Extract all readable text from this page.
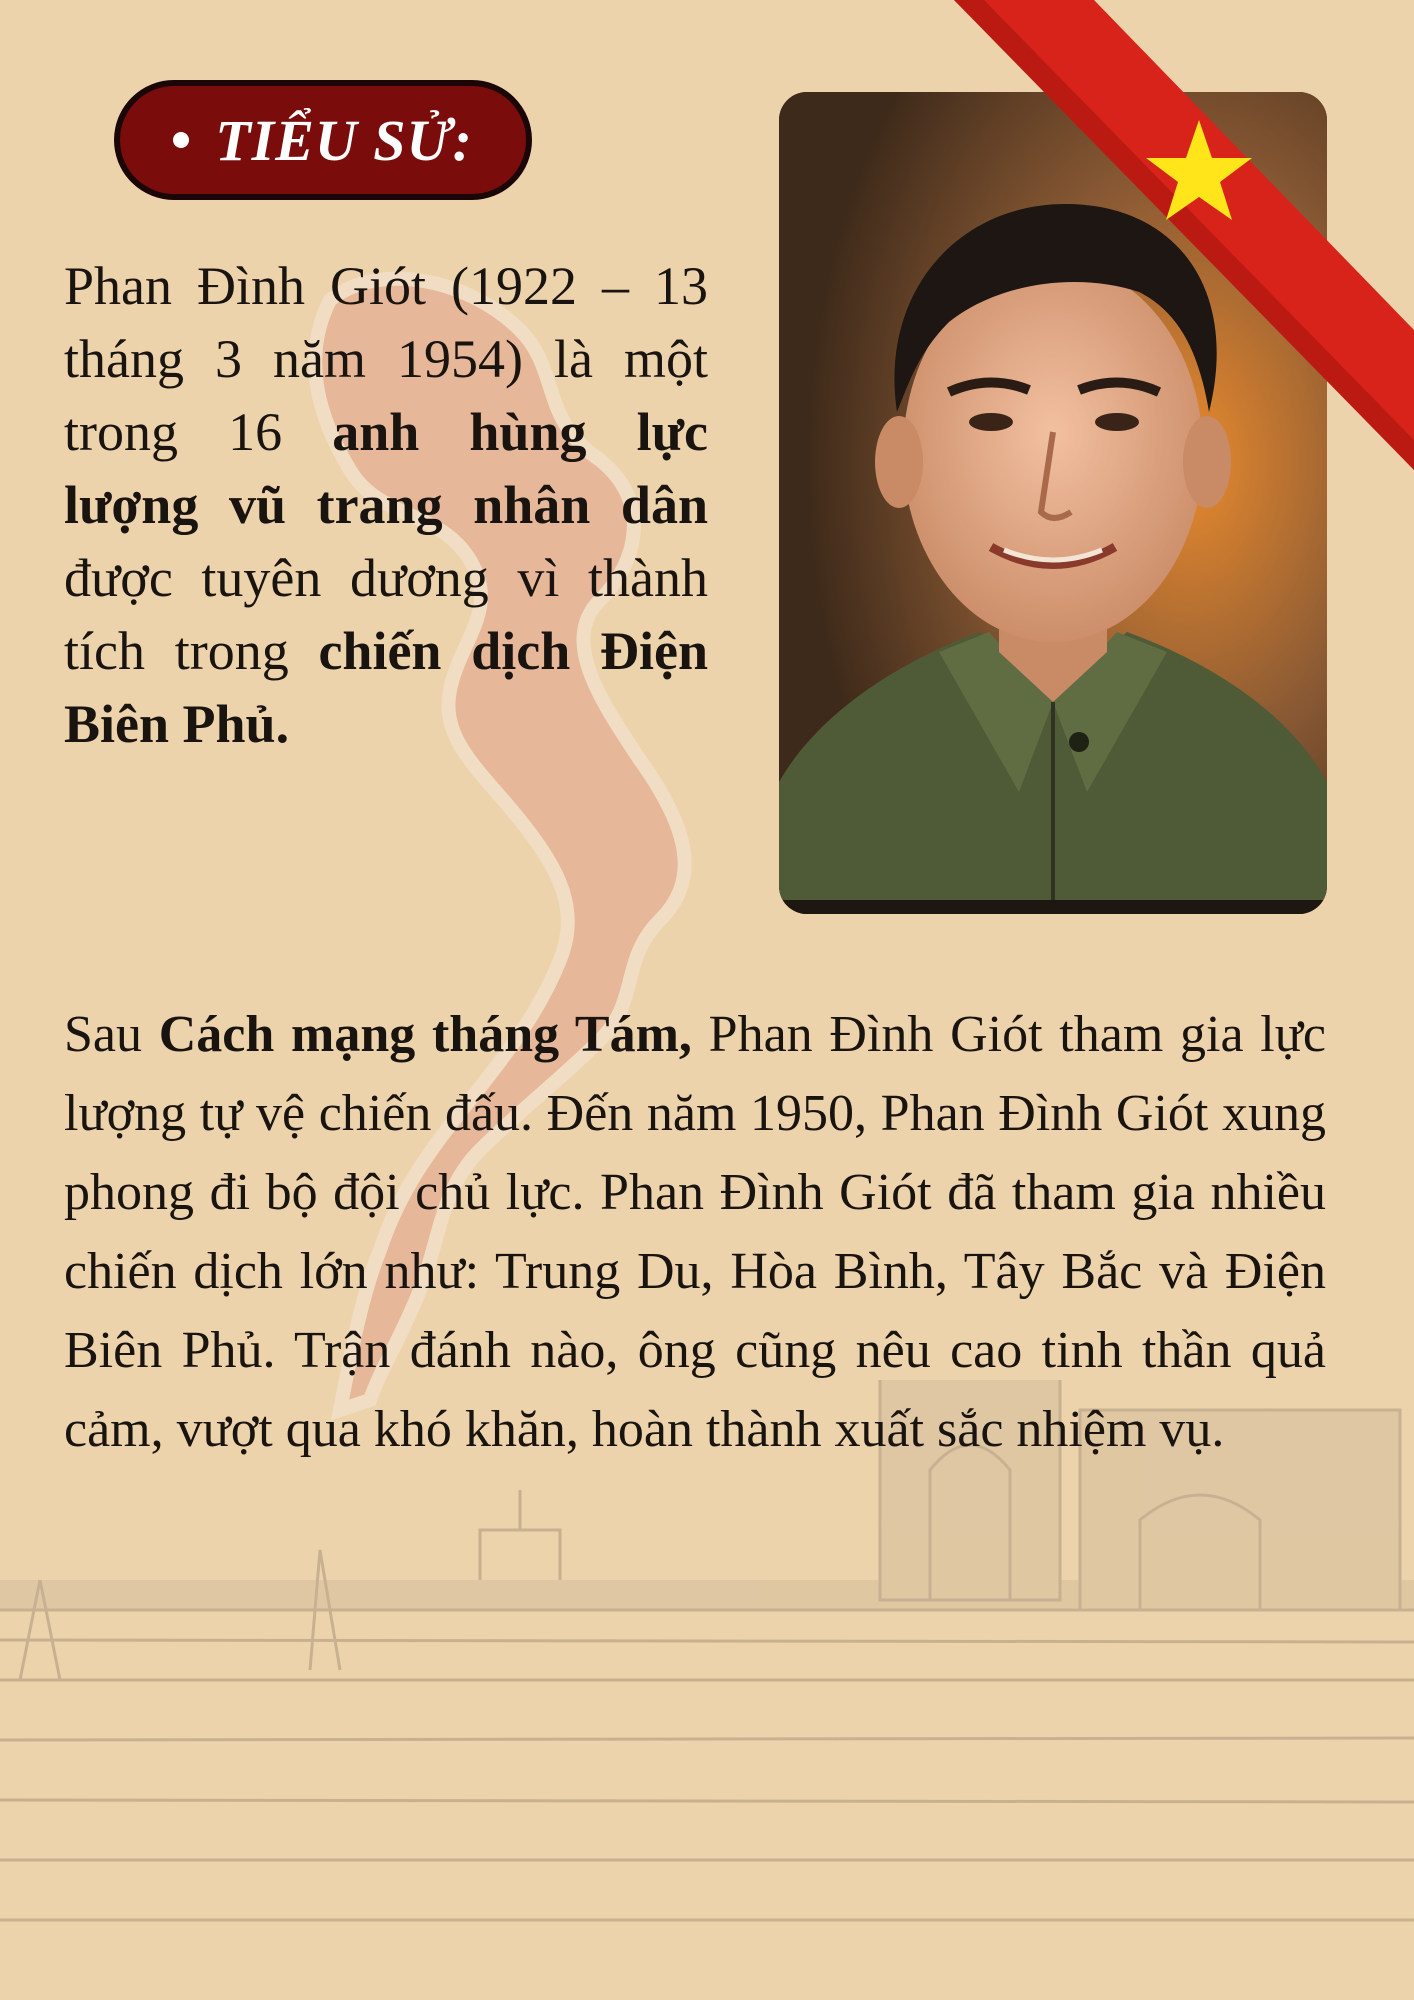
TIỂU SỬ:

Phan Đình Giót (1922 – 13 tháng 3 năm 1954) là một trong 16 anh hùng lực lượng vũ trang nhân dân được tuyên dương vì thành tích trong chiến dịch Điện Biên Phủ.

Sau Cách mạng tháng Tám, Phan Đình Giót tham gia lực lượng tự vệ chiến đấu. Đến năm 1950, Phan Đình Giót xung phong đi bộ đội chủ lực. Phan Đình Giót đã tham gia nhiều chiến dịch lớn như: Trung Du, Hòa Bình, Tây Bắc và Điện Biên Phủ. Trận đánh nào, ông cũng nêu cao tinh thần quả cảm, vượt qua khó khăn, hoàn thành xuất sắc nhiệm vụ.
